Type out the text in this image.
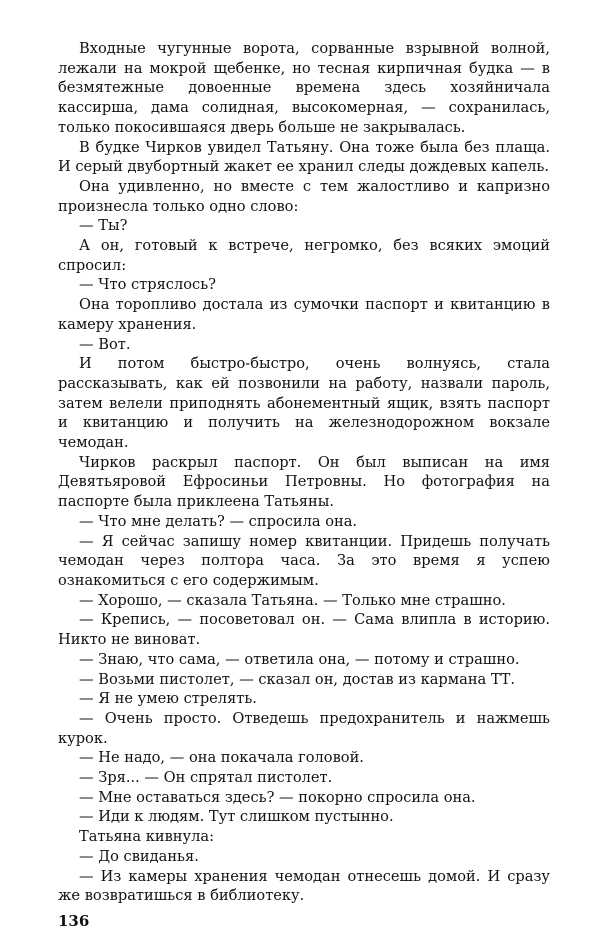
Входные чугунные ворота, сорванные взрывной волной, лежали на мокрой щебенке, но тесная кирпичная будка — в безмятежные довоенные времена здесь хозяйничала кассирша, дама солидная, высокомерная, — сохранилась, только покосившаяся дверь больше не закрывалась.

В будке Чирков увидел Татьяну. Она тоже была без плаща. И серый двубортный жакет ее хранил следы дождевых капель.

Она удивленно, но вместе с тем жалостливо и капризно произнесла только одно слово:

— Ты?

А он, готовый к встрече, негромко, без всяких эмоций спросил:

— Что стряслось?

Она торопливо достала из сумочки паспорт и квитанцию в камеру хранения.

— Вот.

И потом быстро-быстро, очень волнуясь, стала рассказывать, как ей позвонили на работу, назвали пароль, затем велели приподнять абонементный ящик, взять паспорт и квитанцию и получить на железнодорожном вокзале чемодан.

Чирков раскрыл паспорт. Он был выписан на имя Девятьяровой Ефросиньи Петровны. Но фотография на паспорте была приклеена Татьяны.

— Что мне делать? — спросила она.

— Я сейчас запишу номер квитанции. Придешь получать чемодан через полтора часа. За это время я успею ознакомиться с его содержимым.

— Хорошо, — сказала Татьяна. — Только мне страшно.

— Крепись, — посоветовал он. — Сама влипла в историю. Никто не виноват.

— Знаю, что сама, — ответила она, — потому и страшно.

— Возьми пистолет, — сказал он, достав из кармана ТТ.

— Я не умею стрелять.

— Очень просто. Отведешь предохранитель и нажмешь курок.

— Не надо, — она покачала головой.

— Зря... — Он спрятал пистолет.

— Мне оставаться здесь? — покорно спросила она.

— Иди к людям. Тут слишком пустынно.

Татьяна кивнула:

— До свиданья.

— Из камеры хранения чемодан отнесешь домой. И сразу же возвратишься в библиотеку.

136
